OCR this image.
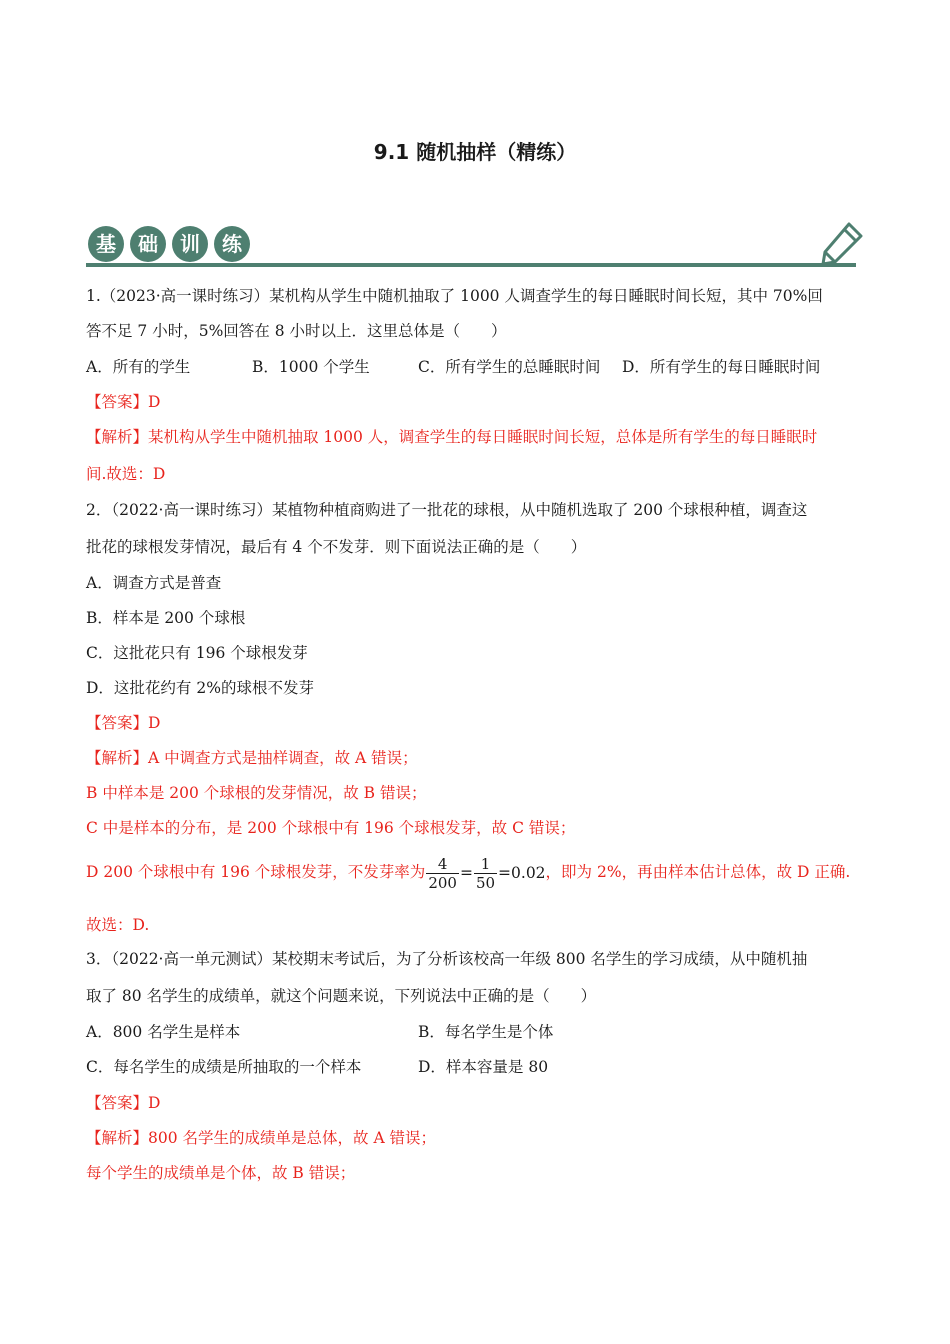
9.1 随机抽样（精练）
基	础	训	练
1.（2023·高一课时练习）某机构从学生中随机抽取了 1000 人调查学生的每日睡眠时间长短，其中 70%回
答不足 7 小时，5%回答在 8 小时以上．这里总体是（　　）
A．所有的学生	B．1000 个学生	C．所有学生的总睡眠时间 D．所有学生的每日睡眠时间
【答案】D
【解析】某机构从学生中随机抽取 1000 人，调查学生的每日睡眠时间长短，总体是所有学生的每日睡眠时
间.故选：D
2．（2022·高一课时练习）某植物种植商购进了一批花的球根，从中随机选取了 200 个球根种植，调查这
批花的球根发芽情况，最后有 4 个不发芽．则下面说法正确的是（　　）
A．调查方式是普查
B．样本是 200 个球根
C．这批花只有 196 个球根发芽
D．这批花约有 2%的球根不发芽
【答案】D
【解析】A 中调查方式是抽样调查，故 A 错误；
B 中样本是 200 个球根的发芽情况，故 B 错误；
C 中是样本的分布，是 200 个球根中有 196 个球根发芽，故 C 错误；
D 200 个球根中有 196 个球根发芽，不发芽率为 $\frac{4}{200} = \frac{1}{50} =0.02$，即为 2%，再由样本估计总体，故 D 正确.
故选：D.
3．（2022·高一单元测试）某校期末考试后，为了分析该校高一年级 800 名学生的学习成绩，从中随机抽
取了 80 名学生的成绩单，就这个问题来说，下列说法中正确的是（　　）
A．800 名学生是样本	B．每名学生是个体
C．每名学生的成绩是所抽取的一个样本	D．样本容量是 80
【答案】D
【解析】800 名学生的成绩单是总体，故 A 错误；
每个学生的成绩单是个体，故 B 错误；
